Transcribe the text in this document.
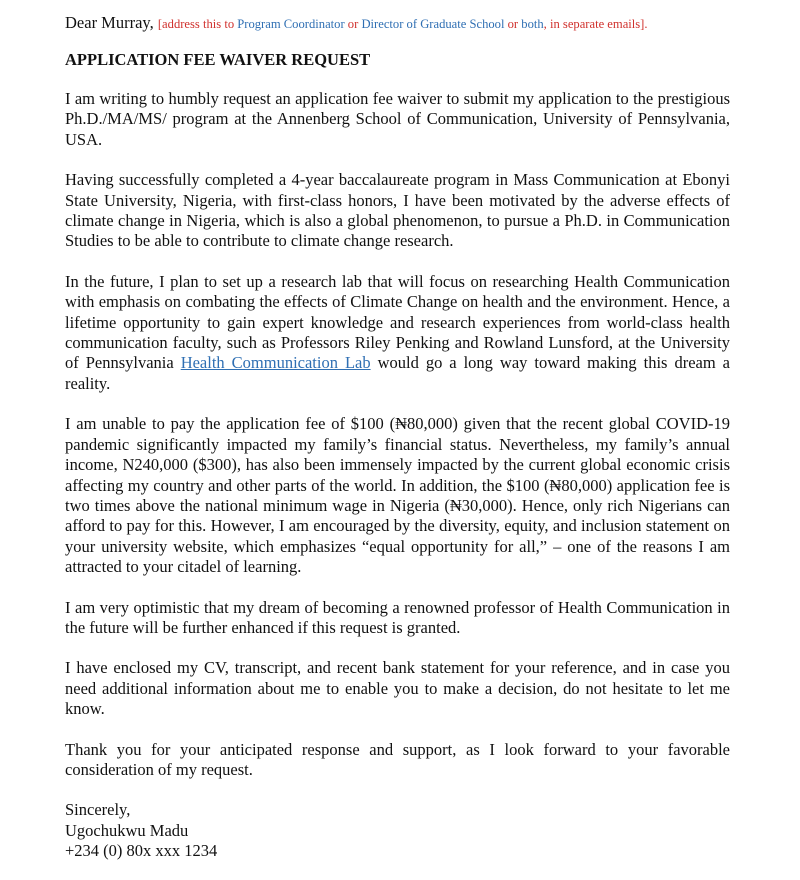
Dear Murray, [address this to Program Coordinator or Director of Graduate School or both, in separate emails].
APPLICATION FEE WAIVER REQUEST

I am writing to humbly request an application fee waiver to submit my application to the prestigious Ph.D./MA/MS/ program at the Annenberg School of Communication, University of Pennsylvania, USA.

Having successfully completed a 4-year baccalaureate program in Mass Communication at Ebonyi State University, Nigeria, with first-class honors, I have been motivated by the adverse effects of climate change in Nigeria, which is also a global phenomenon, to pursue a Ph.D. in Communication Studies to be able to contribute to climate change research.

In the future, I plan to set up a research lab that will focus on researching Health Communication with emphasis on combating the effects of Climate Change on health and the environment. Hence, a lifetime opportunity to gain expert knowledge and research experiences from world-class health communication faculty, such as Professors Riley Penking and Rowland Lunsford, at the University of Pennsylvania Health Communication Lab would go a long way toward making this dream a reality.

I am unable to pay the application fee of $100 (₦80,000) given that the recent global COVID-19 pandemic significantly impacted my family’s financial status. Nevertheless, my family’s annual income, N240,000 ($300), has also been immensely impacted by the current global economic crisis affecting my country and other parts of the world. In addition, the $100 (₦80,000) application fee is two times above the national minimum wage in Nigeria (₦30,000). Hence, only rich Nigerians can afford to pay for this. However, I am encouraged by the diversity, equity, and inclusion statement on your university website, which emphasizes “equal opportunity for all,” – one of the reasons I am attracted to your citadel of learning.

I am very optimistic that my dream of becoming a renowned professor of Health Communication in the future will be further enhanced if this request is granted.

I have enclosed my CV, transcript, and recent bank statement for your reference, and in case you need additional information about me to enable you to make a decision, do not hesitate to let me know.

Thank you for your anticipated response and support, as I look forward to your favorable consideration of my request.

Sincerely,
Ugochukwu Madu
+234 (0) 80x xxx 1234
